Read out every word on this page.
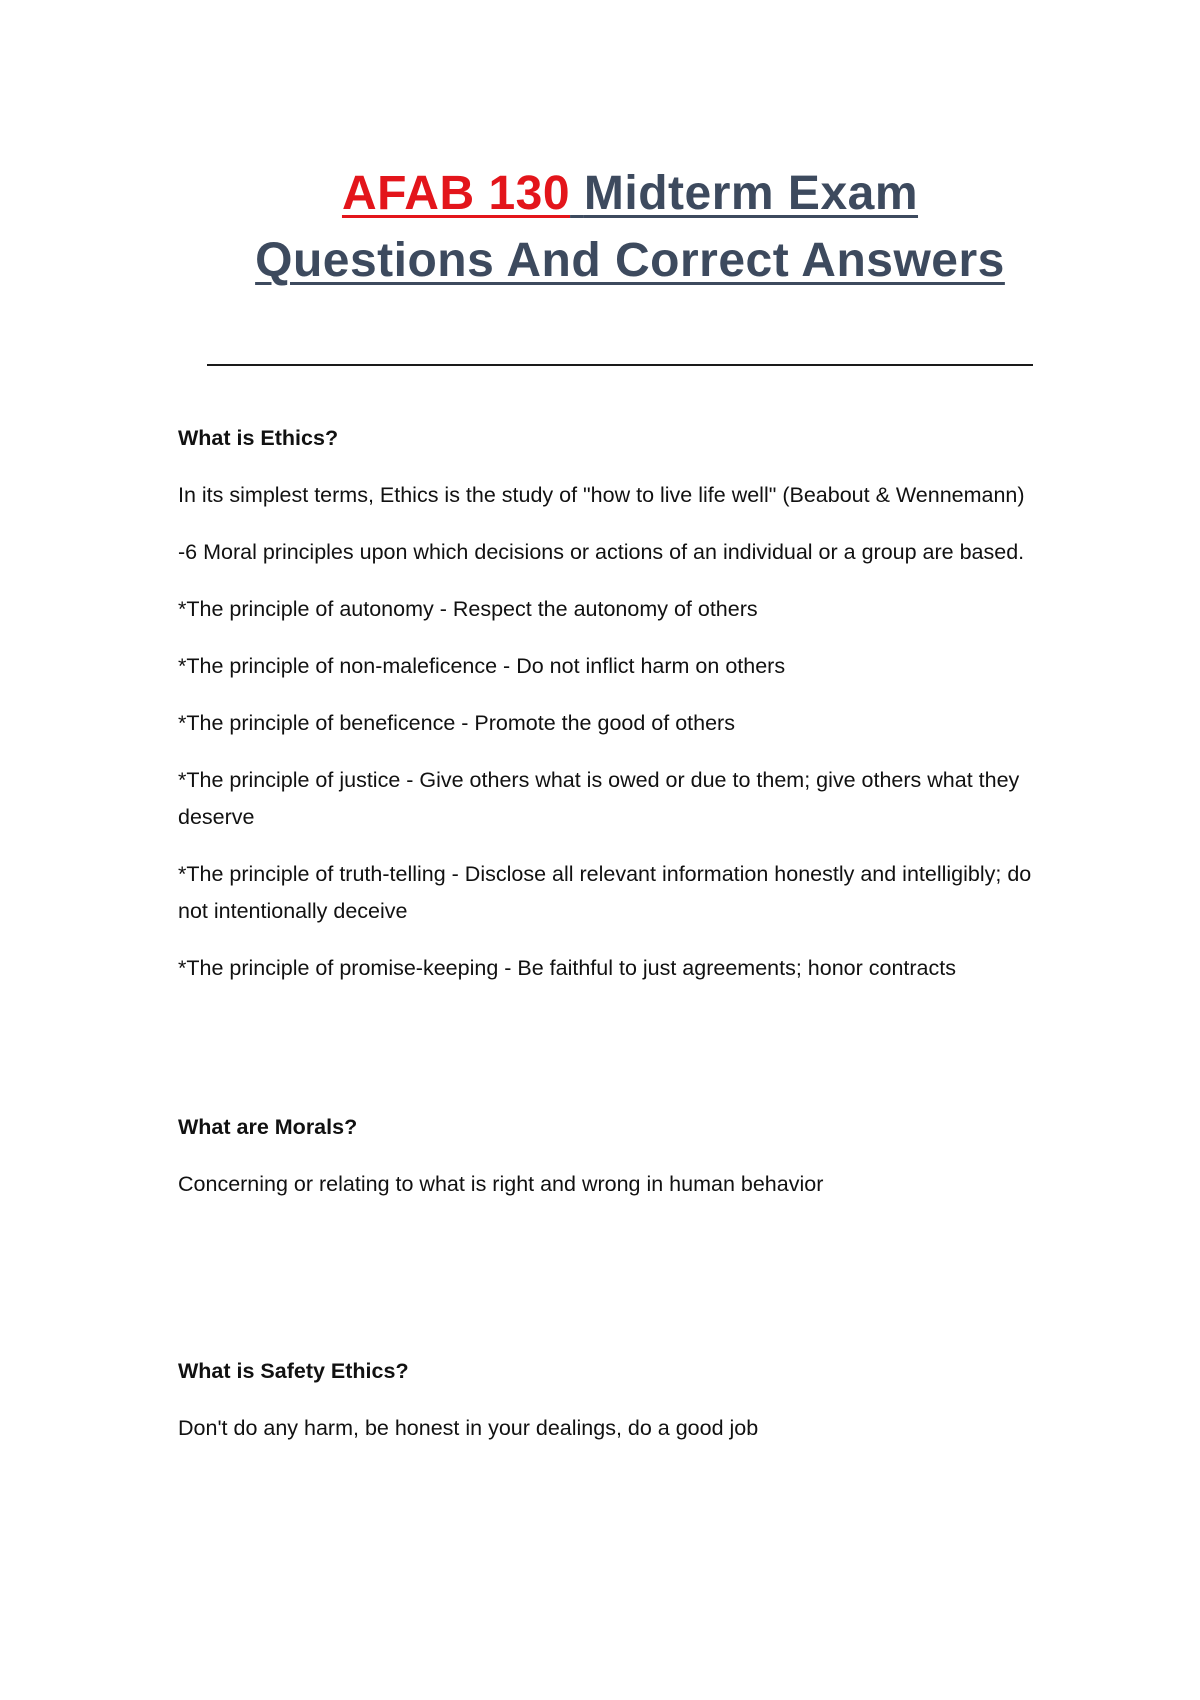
AFAB 130 Midterm Exam
Questions And Correct Answers

What is Ethics?

In its simplest terms, Ethics is the study of "how to live life well" (Beabout & Wennemann)

-6 Moral principles upon which decisions or actions of an individual or a group are based.

*The principle of autonomy - Respect the autonomy of others

*The principle of non-maleficence - Do not inflict harm on others

*The principle of beneficence - Promote the good of others

*The principle of justice - Give others what is owed or due to them; give others what they deserve

*The principle of truth-telling - Disclose all relevant information honestly and intelligibly; do not intentionally deceive

*The principle of promise-keeping - Be faithful to just agreements; honor contracts

What are Morals?

Concerning or relating to what is right and wrong in human behavior

What is Safety Ethics?

Don't do any harm, be honest in your dealings, do a good job
